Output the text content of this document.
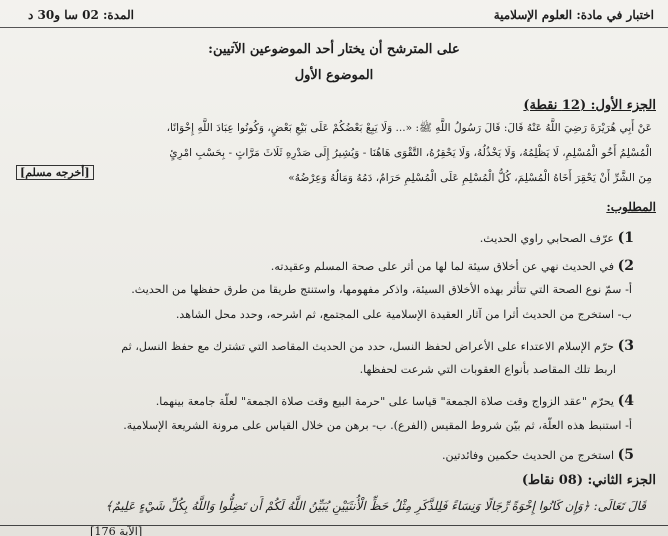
اختبار في مادة: العلوم الإسلامية
المدة: 02 سا و30 د
على المترشح أن يختار أحد الموضوعين الآتيين:
الموضوع الأول
الجزء الأول: (12 نقطة)
عَنْ أَبِي هُرَيْرَةَ رَضِيَ اللَّهُ عَنْهُ قَالَ: قَالَ رَسُولُ اللَّهِ ﷺ: «... وَلَا يَبِعْ بَعْضُكُمْ عَلَى بَيْعِ بَعْضٍ، وَكُونُوا عِبَادَ اللَّهِ إِخْوَانًا،
الْمُسْلِمُ أَخُو الْمُسْلِمِ، لَا يَظْلِمُهُ، وَلَا يَخْذُلُهُ، وَلَا يَحْقِرُهُ، التَّقْوَى هَاهُنَا - وَيُشِيرُ إِلَى صَدْرِهِ ثَلَاثَ مَرَّاتٍ - بِحَسْبِ امْرِئٍ
مِنَ الشَّرِّ أَنْ يَحْقِرَ أَخَاهُ الْمُسْلِمَ، كُلُّ الْمُسْلِمِ عَلَى الْمُسْلِمِ حَرَامٌ، دَمُهُ وَمَالُهُ وَعِرْضُهُ»
[أخرجه مسلم]
المطلوب:
1) عرّف الصحابي راوي الحديث.
2) في الحديث نهي عن أخلاق سيئة لما لها من أثر على صحة المسلم وعقيدته.
أ- سمّ نوع الصحة التي تتأثر بهذه الأخلاق السيئة، واذكر مفهومها، واستنتج طريقا من طرق حفظها من الحديث.
ب- استخرج من الحديث أثرا من آثار العقيدة الإسلامية على المجتمع، ثم اشرحه، وحدد محل الشاهد.
3) حرّم الإسلام الاعتداء على الأعراض لحفظ النسل، حدد من الحديث المقاصد التي تشترك مع حفظ النسل، ثم
اربط تلك المقاصد بأنواع العقوبات التي شرعت لحفظها.
4) يحرّم "عقد الزواج وقت صلاة الجمعة" قياسا على "حرمة البيع وقت صلاة الجمعة" لعلّة جامعة بينهما.
أ- استنبط هذه العلّة، ثم بيّن شروط المقيس (الفرع). ب- برهن من خلال القياس على مرونة الشريعة الإسلامية.
5) استخرج من الحديث حكمين وفائدتين.
الجزء الثاني: (08 نقاط)
قَالَ تَعَالَى: ﴿وَإِن كَانُوا إِخْوَةً رِّجَالًا وَنِسَاءً فَلِلذَّكَرِ مِثْلُ حَظِّ الْأُنثَيَيْنِ يُبَيِّنُ اللَّهُ لَكُمْ أَن تَضِلُّوا وَاللَّهُ بِكُلِّ شَيْءٍ عَلِيمٌ﴾
[الآية 176]
